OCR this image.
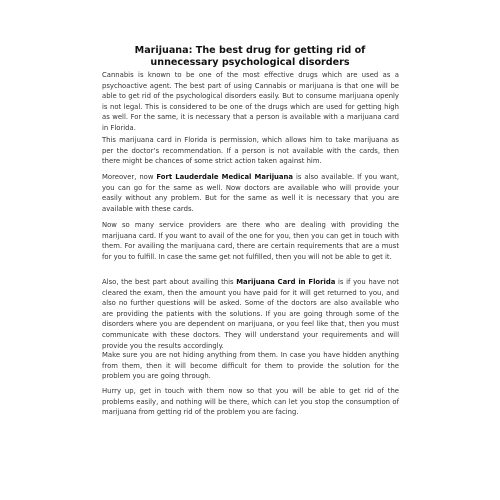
Marijuana: The best drug for getting rid of unnecessary psychological disorders

Cannabis is known to be one of the most effective drugs which are used as a psychoactive agent. The best part of using Cannabis or marijuana is that one will be able to get rid of the psychological disorders easily. But to consume marijuana openly is not legal. This is considered to be one of the drugs which are used for getting high as well. For the same, it is necessary that a person is available with a marijuana card in Florida.

This marijuana card in Florida is permission, which allows him to take marijuana as per the doctor’s recommendation. If a person is not available with the cards, then there might be chances of some strict action taken against him.

Moreover, now Fort Lauderdale Medical Marijuana is also available. If you want, you can go for the same as well. Now doctors are available who will provide your easily without any problem. But for the same as well it is necessary that you are available with these cards.

Now so many service providers are there who are dealing with providing the marijuana card. If you want to avail of the one for you, then you can get in touch with them. For availing the marijuana card, there are certain requirements that are a must for you to fulfill. In case the same get not fulfilled, then you will not be able to get it.

Also, the best part about availing this Marijuana Card in Florida is if you have not cleared the exam, then the amount you have paid for it will get returned to you, and also no further questions will be asked. Some of the doctors are also available who are providing the patients with the solutions. If you are going through some of the disorders where you are dependent on marijuana, or you feel like that, then you must communicate with these doctors. They will understand your requirements and will provide you the results accordingly.

Make sure you are not hiding anything from them. In case you have hidden anything from them, then it will become difficult for them to provide the solution for the problem you are going through.

Hurry up, get in touch with them now so that you will be able to get rid of the problems easily, and nothing will be there, which can let you stop the consumption of marijuana from getting rid of the problem you are facing.
